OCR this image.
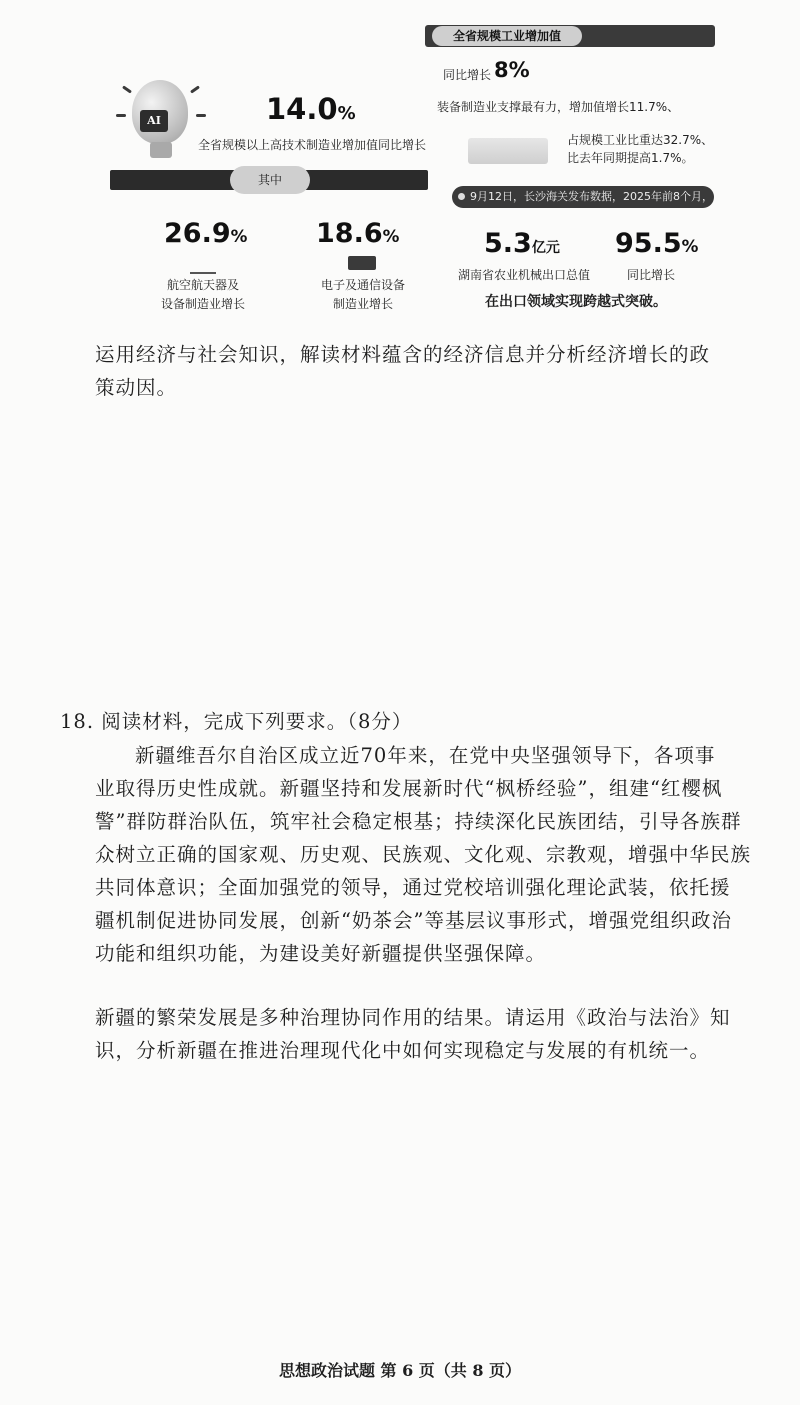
AI
其中
14.0%
全省规模以上高技术制造业增加值同比增长
26.9%
航空航天器及
设备制造业增长
18.6%
电子及通信设备
制造业增长
全省规模工业增加值
同比增长 8%
装备制造业支撑最有力，增加值增长11.7%、
占规模工业比重达32.7%、
比去年同期提高1.7%。
9月12日，长沙海关发布数据，2025年前8个月，
5.3亿元
湖南省农业机械出口总值
95.5%
同比增长
在出口领域实现跨越式突破。
运用经济与社会知识，解读材料蕴含的经济信息并分析经济增长的政
策动因。
18. 阅读材料，完成下列要求。（8分）
新疆维吾尔自治区成立近70年来，在党中央坚强领导下，各项事
业取得历史性成就。新疆坚持和发展新时代“枫桥经验”，组建“红樱枫
警”群防群治队伍，筑牢社会稳定根基；持续深化民族团结，引导各族群
众树立正确的国家观、历史观、民族观、文化观、宗教观，增强中华民族
共同体意识；全面加强党的领导，通过党校培训强化理论武装，依托援
疆机制促进协同发展，创新“奶茶会”等基层议事形式，增强党组织政治
功能和组织功能，为建设美好新疆提供坚强保障。
新疆的繁荣发展是多种治理协同作用的结果。请运用《政治与法治》知
识，分析新疆在推进治理现代化中如何实现稳定与发展的有机统一。
思想政治试题 第 6 页（共 8 页）
